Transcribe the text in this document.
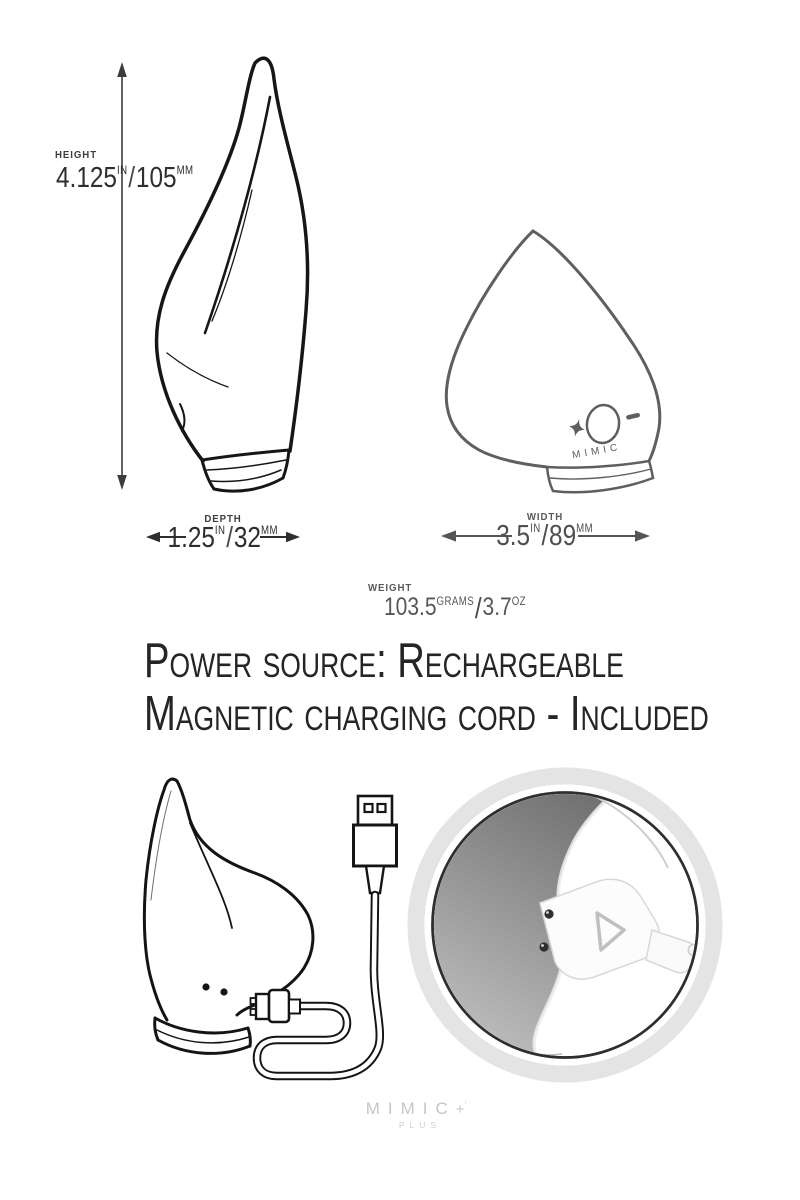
HEIGHT
4.125 IN / 105 MM
DEPTH
1.25 IN / 32 MM
WIDTH
3.5 IN / 89 MM
WEIGHT
103.5 GRAMS / 3.7 OZ
Power source: Rechargeable
Magnetic charging cord - Included
MIMIC
MIMIC+'
PLUS
